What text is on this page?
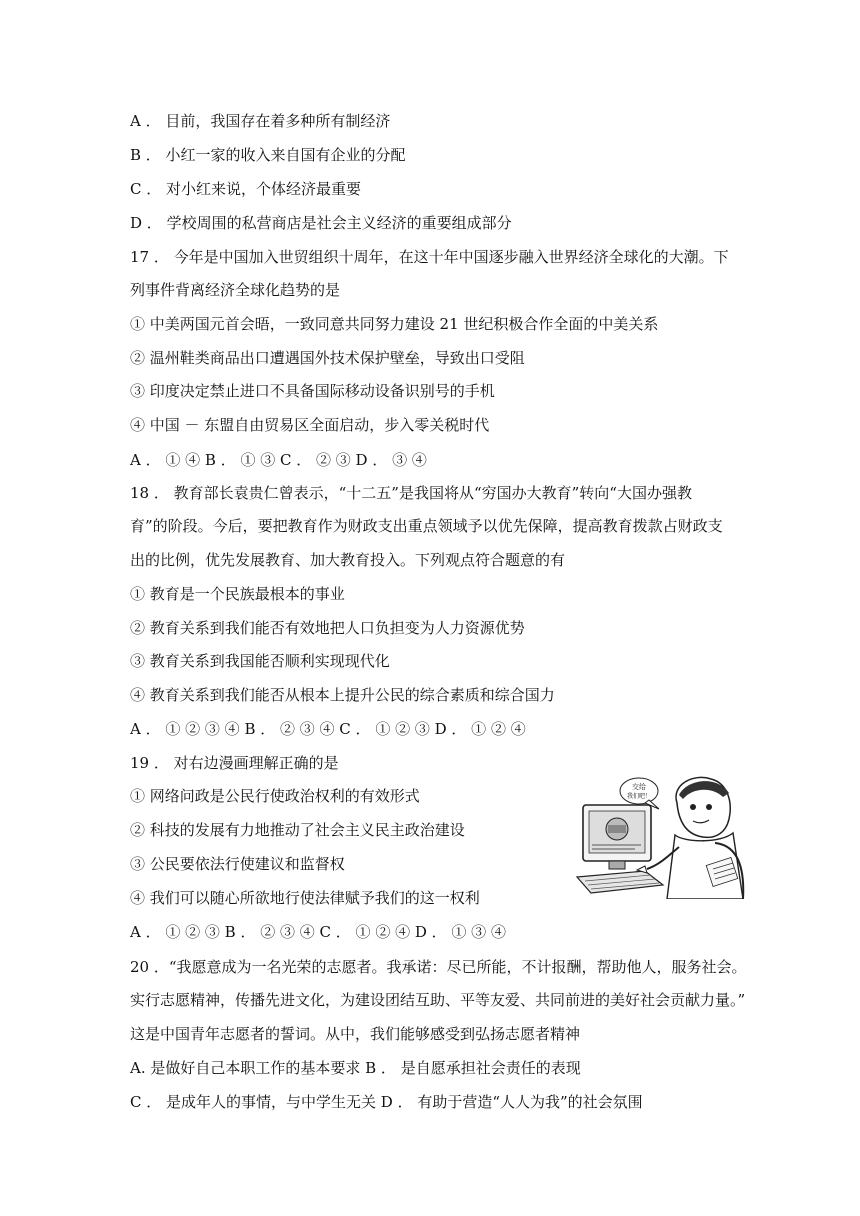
A ． 目前，我国存在着多种所有制经济
B ． 小红一家的收入来自国有企业的分配
C ． 对小红来说，个体经济最重要
D ． 学校周围的私营商店是社会主义经济的重要组成部分
17 ． 今年是中国加入世贸组织十周年，在这十年中国逐步融入世界经济全球化的大潮。下
列事件背离经济全球化趋势的是
① 中美两国元首会晤，一致同意共同努力建设 21 世纪积极合作全面的中美关系
② 温州鞋类商品出口遭遇国外技术保护壁垒，导致出口受阻
③ 印度决定禁止进口不具备国际移动设备识别号的手机
④ 中国 － 东盟自由贸易区全面启动，步入零关税时代
A ． ① ④ B ． ① ③ C ． ② ③ D ． ③ ④
18 ． 教育部长袁贵仁曾表示，“十二五”是我国将从“穷国办大教育”转向“大国办强教
育”的阶段。今后，要把教育作为财政支出重点领域予以优先保障，提高教育拨款占财政支
出的比例，优先发展教育、加大教育投入。下列观点符合题意的有
① 教育是一个民族最根本的事业
② 教育关系到我们能否有效地把人口负担变为人力资源优势
③ 教育关系到我国能否顺利实现现代化
④ 教育关系到我们能否从根本上提升公民的综合素质和综合国力
A ． ① ② ③ ④ B ． ② ③ ④ C ． ① ② ③ D ． ① ② ④
19 ． 对右边漫画理解正确的是
① 网络问政是公民行使政治权利的有效形式
② 科技的发展有力地推动了社会主义民主政治建设
③ 公民要依法行使建议和监督权
④ 我们可以随心所欲地行使法律赋予我们的这一权利
A ． ① ② ③ B ． ② ③ ④ C ． ① ② ④ D ． ① ③ ④
交给
我们吧！
20 ．“我愿意成为一名光荣的志愿者。我承诺：尽已所能，不计报酬，帮助他人，服务社会。
实行志愿精神，传播先进文化，为建设团结互助、平等友爱、共同前进的美好社会贡献力量。”
这是中国青年志愿者的誓词。从中，我们能够感受到弘扬志愿者精神
A. 是做好自己本职工作的基本要求 B ． 是自愿承担社会责任的表现
C ． 是成年人的事情，与中学生无关 D ． 有助于营造“人人为我”的社会氛围
